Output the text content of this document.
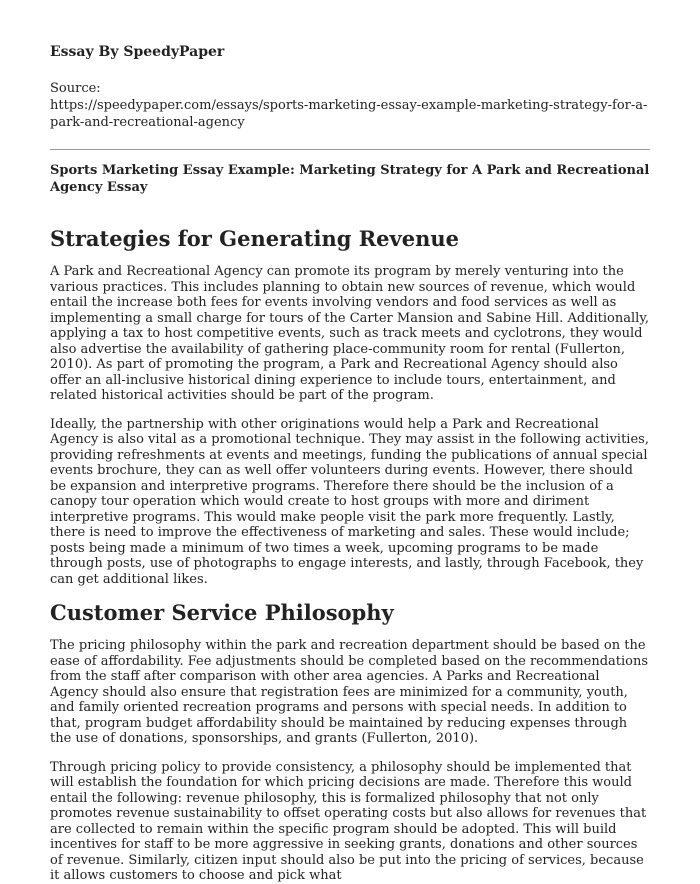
Essay By SpeedyPaper
Source:
https://speedypaper.com/essays/sports-marketing-essay-example-marketing-strategy-for-a-park-and-recreational-agency
Sports Marketing Essay Example: Marketing Strategy for A Park and Recreational Agency Essay
Strategies for Generating Revenue

A Park and Recreational Agency can promote its program by merely venturing into the various practices. This includes planning to obtain new sources of revenue, which would entail the increase both fees for events involving vendors and food services as well as implementing a small charge for tours of the Carter Mansion and Sabine Hill. Additionally, applying a tax to host competitive events, such as track meets and cyclotrons, they would also advertise the availability of gathering place-community room for rental (Fullerton, 2010). As part of promoting the program, a Park and Recreational Agency should also offer an all-inclusive historical dining experience to include tours, entertainment, and related historical activities should be part of the program.

Ideally, the partnership with other originations would help a Park and Recreational Agency is also vital as a promotional technique. They may assist in the following activities, providing refreshments at events and meetings, funding the publications of annual special events brochure, they can as well offer volunteers during events. However, there should be expansion and interpretive programs. Therefore there should be the inclusion of a canopy tour operation which would create to host groups with more and diriment interpretive programs. This would make people visit the park more frequently. Lastly, there is need to improve the effectiveness of marketing and sales. These would include; posts being made a minimum of two times a week, upcoming programs to be made through posts, use of photographs to engage interests, and lastly, through Facebook, they can get additional likes.

Customer Service Philosophy

The pricing philosophy within the park and recreation department should be based on the ease of affordability. Fee adjustments should be completed based on the recommendations from the staff after comparison with other area agencies. A Parks and Recreational Agency should also ensure that registration fees are minimized for a community, youth, and family oriented recreation programs and persons with special needs. In addition to that, program budget affordability should be maintained by reducing expenses through the use of donations, sponsorships, and grants (Fullerton, 2010).

Through pricing policy to provide consistency, a philosophy should be implemented that will establish the foundation for which pricing decisions are made. Therefore this would entail the following: revenue philosophy, this is formalized philosophy that not only promotes revenue sustainability to offset operating costs but also allows for revenues that are collected to remain within the specific program should be adopted. This will build incentives for staff to be more aggressive in seeking grants, donations and other sources of revenue. Similarly, citizen input should also be put into the pricing of services, because it allows customers to choose and pick what
